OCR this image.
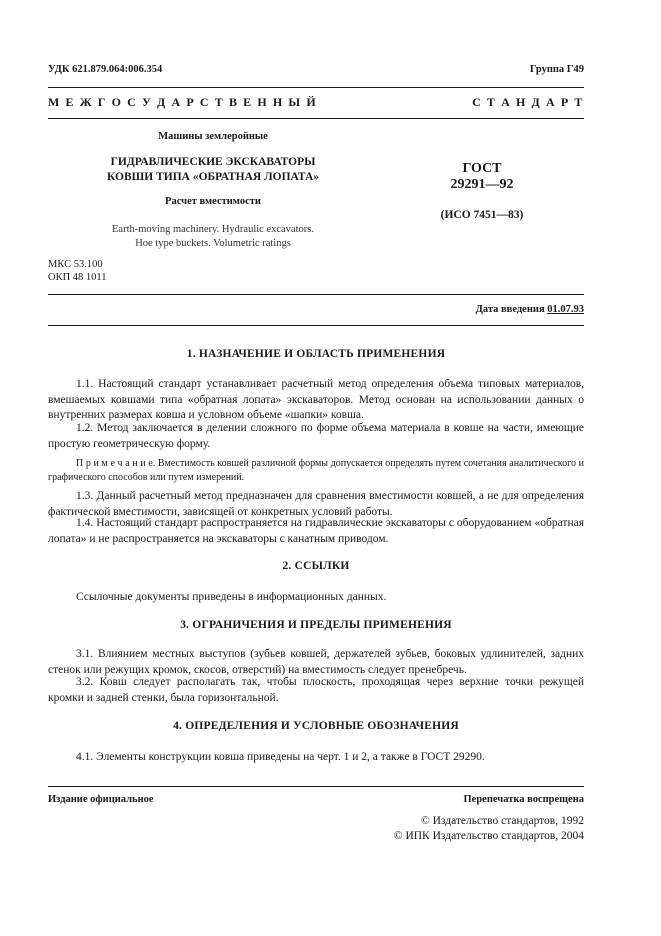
УДК 621.879.064:006.354	Группа Г49
М Е Ж Г О С У Д А Р С Т В Е Н Н Ы Й	С Т А Н Д А Р Т
Машины землеройные
ГИДРАВЛИЧЕСКИЕ ЭКСКАВАТОРЫ
КОВШИ ТИПА «ОБРАТНАЯ ЛОПАТА»
Расчет вместимости
Earth-moving machinery. Hydraulic excavators.
Hoe type buckets. Volumetric ratings
ГОСТ
29291—92
(ИСО 7451—83)
МКС 53.100
ОКП 48 1011
Дата введения 01.07.93
1. НАЗНАЧЕНИЕ И ОБЛАСТЬ ПРИМЕНЕНИЯ
1.1. Настоящий стандарт устанавливает расчетный метод определения объема типовых материалов, вмешаемых ковшами типа «обратная лопата» экскаваторов. Метод основан на использовании данных о внутренних размерах ковша и условном объеме «шапки» ковша.
1.2. Метод заключается в делении сложного по форме объема материала в ковше на части, имеющие простую геометрическую форму.
П р и м е ч а н и е. Вместимость ковшей различной формы допускается определять путем сочетания аналитического и графического способов или путем измерений.
1.3. Данный расчетный метод предназначен для сравнения вместимости ковшей, а не для определения фактической вместимости, зависящей от конкретных условий работы.
1.4. Настоящий стандарт распространяется на гидравлические экскаваторы с оборудованием «обратная лопата» и не распространяется на экскаваторы с канатным приводом.
2. ССЫЛКИ
Ссылочные документы приведены в информационных данных.
3. ОГРАНИЧЕНИЯ И ПРЕДЕЛЫ ПРИМЕНЕНИЯ
3.1. Влиянием местных выступов (зубьев ковшей, держателей зубьев, боковых удлинителей, задних стенок или режущих кромок, скосов, отверстий) на вместимость следует пренебречь.
3.2. Ковш следует располагать так, чтобы плоскость, проходящая через верхние точки режущей кромки и задней стенки, была горизонтальной.
4. ОПРЕДЕЛЕНИЯ И УСЛОВНЫЕ ОБОЗНАЧЕНИЯ
4.1. Элементы конструкции ковша приведены на черт. 1 и 2, а также в ГОСТ 29290.
Издание официальное	Перепечатка воспрещена
© Издательство стандартов, 1992
© ИПК Издательство стандартов, 2004
